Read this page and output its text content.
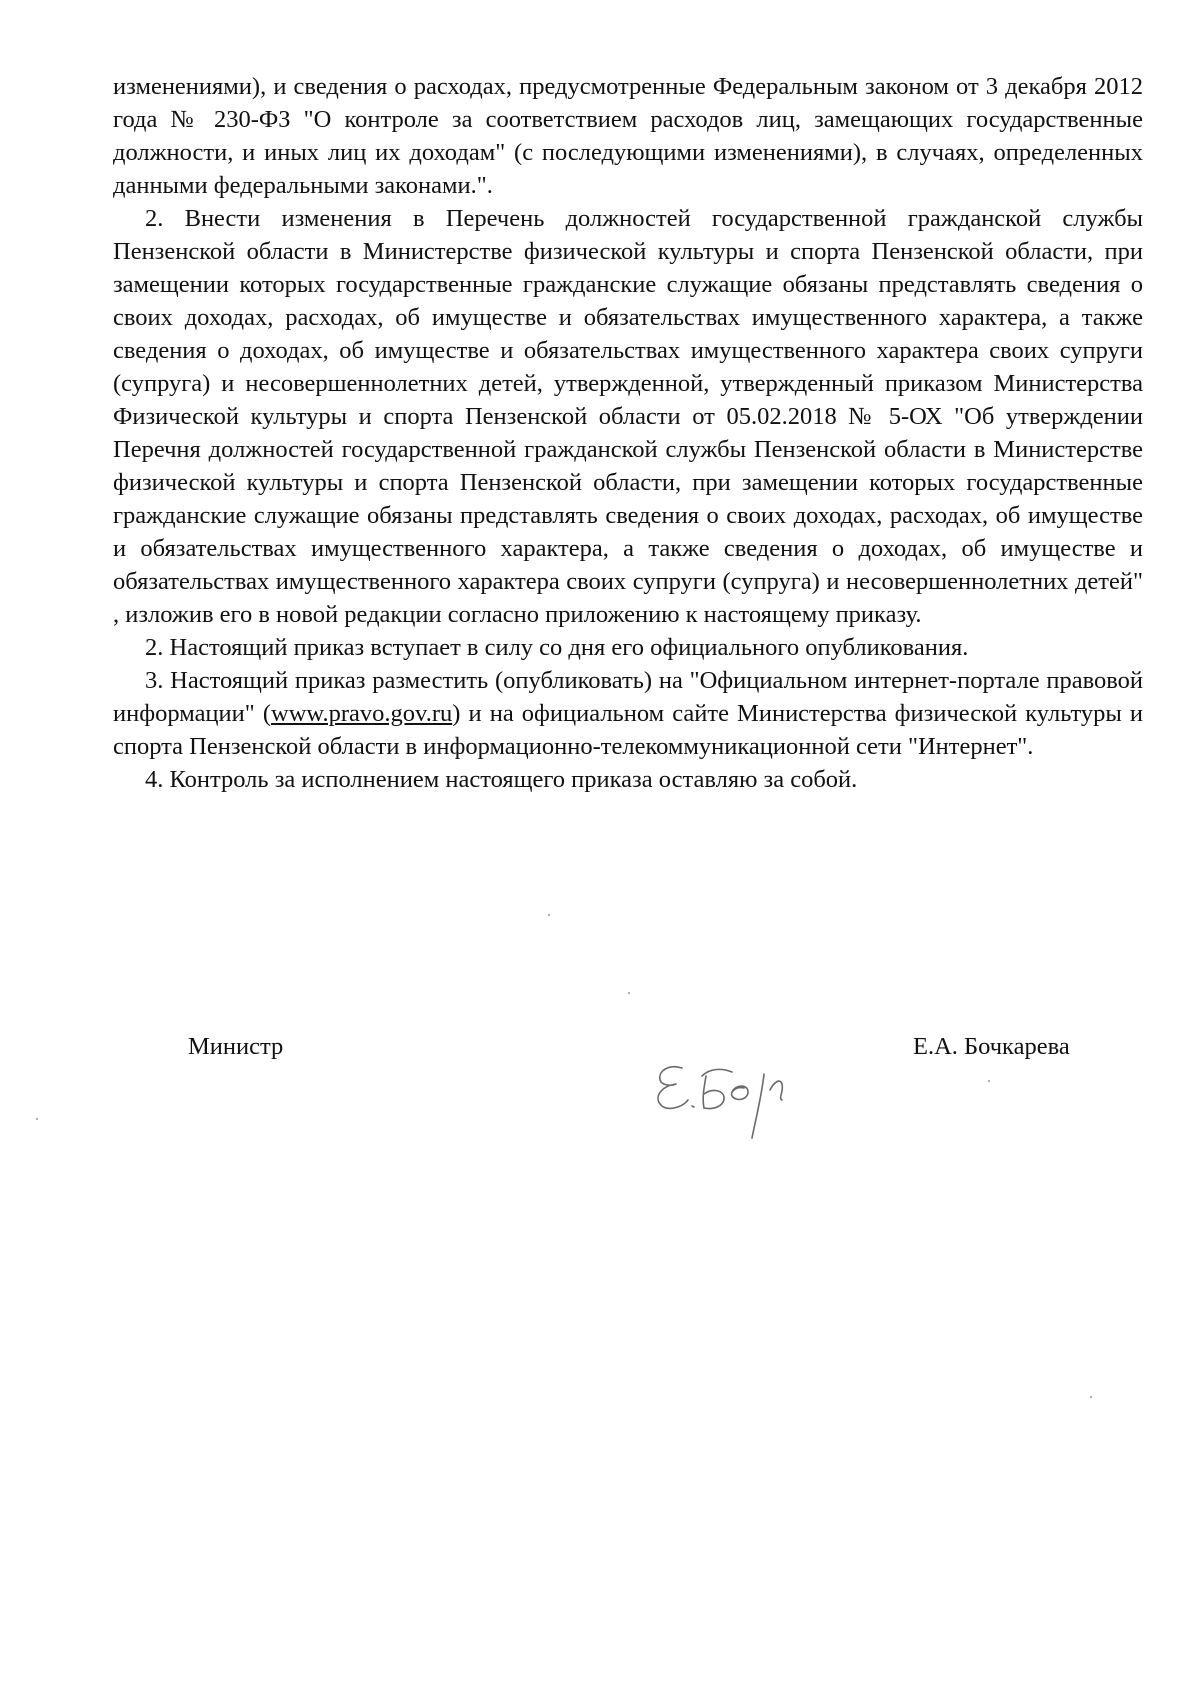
изменениями), и сведения о расходах, предусмотренные Федеральным законом от 3 декабря 2012 года № 230-ФЗ "О контроле за соответствием расходов лиц, замещающих государственные должности, и иных лиц их доходам" (с последующими изменениями), в случаях, определенных данными федеральными законами.".

2. Внести изменения в Перечень должностей государственной гражданской службы Пензенской области в Министерстве физической культуры и спорта Пензенской области, при замещении которых государственные гражданские служащие обязаны представлять сведения о своих доходах, расходах, об имуществе и обязательствах имущественного характера, а также сведения о доходах, об имуществе и обязательствах имущественного характера своих супруги (супруга) и несовершеннолетних детей, утвержденной, утвержденный приказом Министерства Физической культуры и спорта Пензенской области от 05.02.2018 № 5-ОХ "Об утверждении Перечня должностей государственной гражданской службы Пензенской области в Министерстве физической культуры и спорта Пензенской области, при замещении которых государственные гражданские служащие обязаны представлять сведения о своих доходах, расходах, об имуществе и обязательствах имущественного характера, а также сведения о доходах, об имуществе и обязательствах имущественного характера своих супруги (супруга) и несовершеннолетних детей" , изложив его в новой редакции согласно приложению к настоящему приказу.

2. Настоящий приказ вступает в силу со дня его официального опубликования.

3. Настоящий приказ разместить (опубликовать) на "Официальном интернет-портале правовой информации" (www.pravo.gov.ru) и на официальном сайте Министерства физической культуры и спорта Пензенской области в информационно-телекоммуникационной сети "Интернет".

4. Контроль за исполнением настоящего приказа оставляю за собой.

Министр	Е.А. Бочкарева
